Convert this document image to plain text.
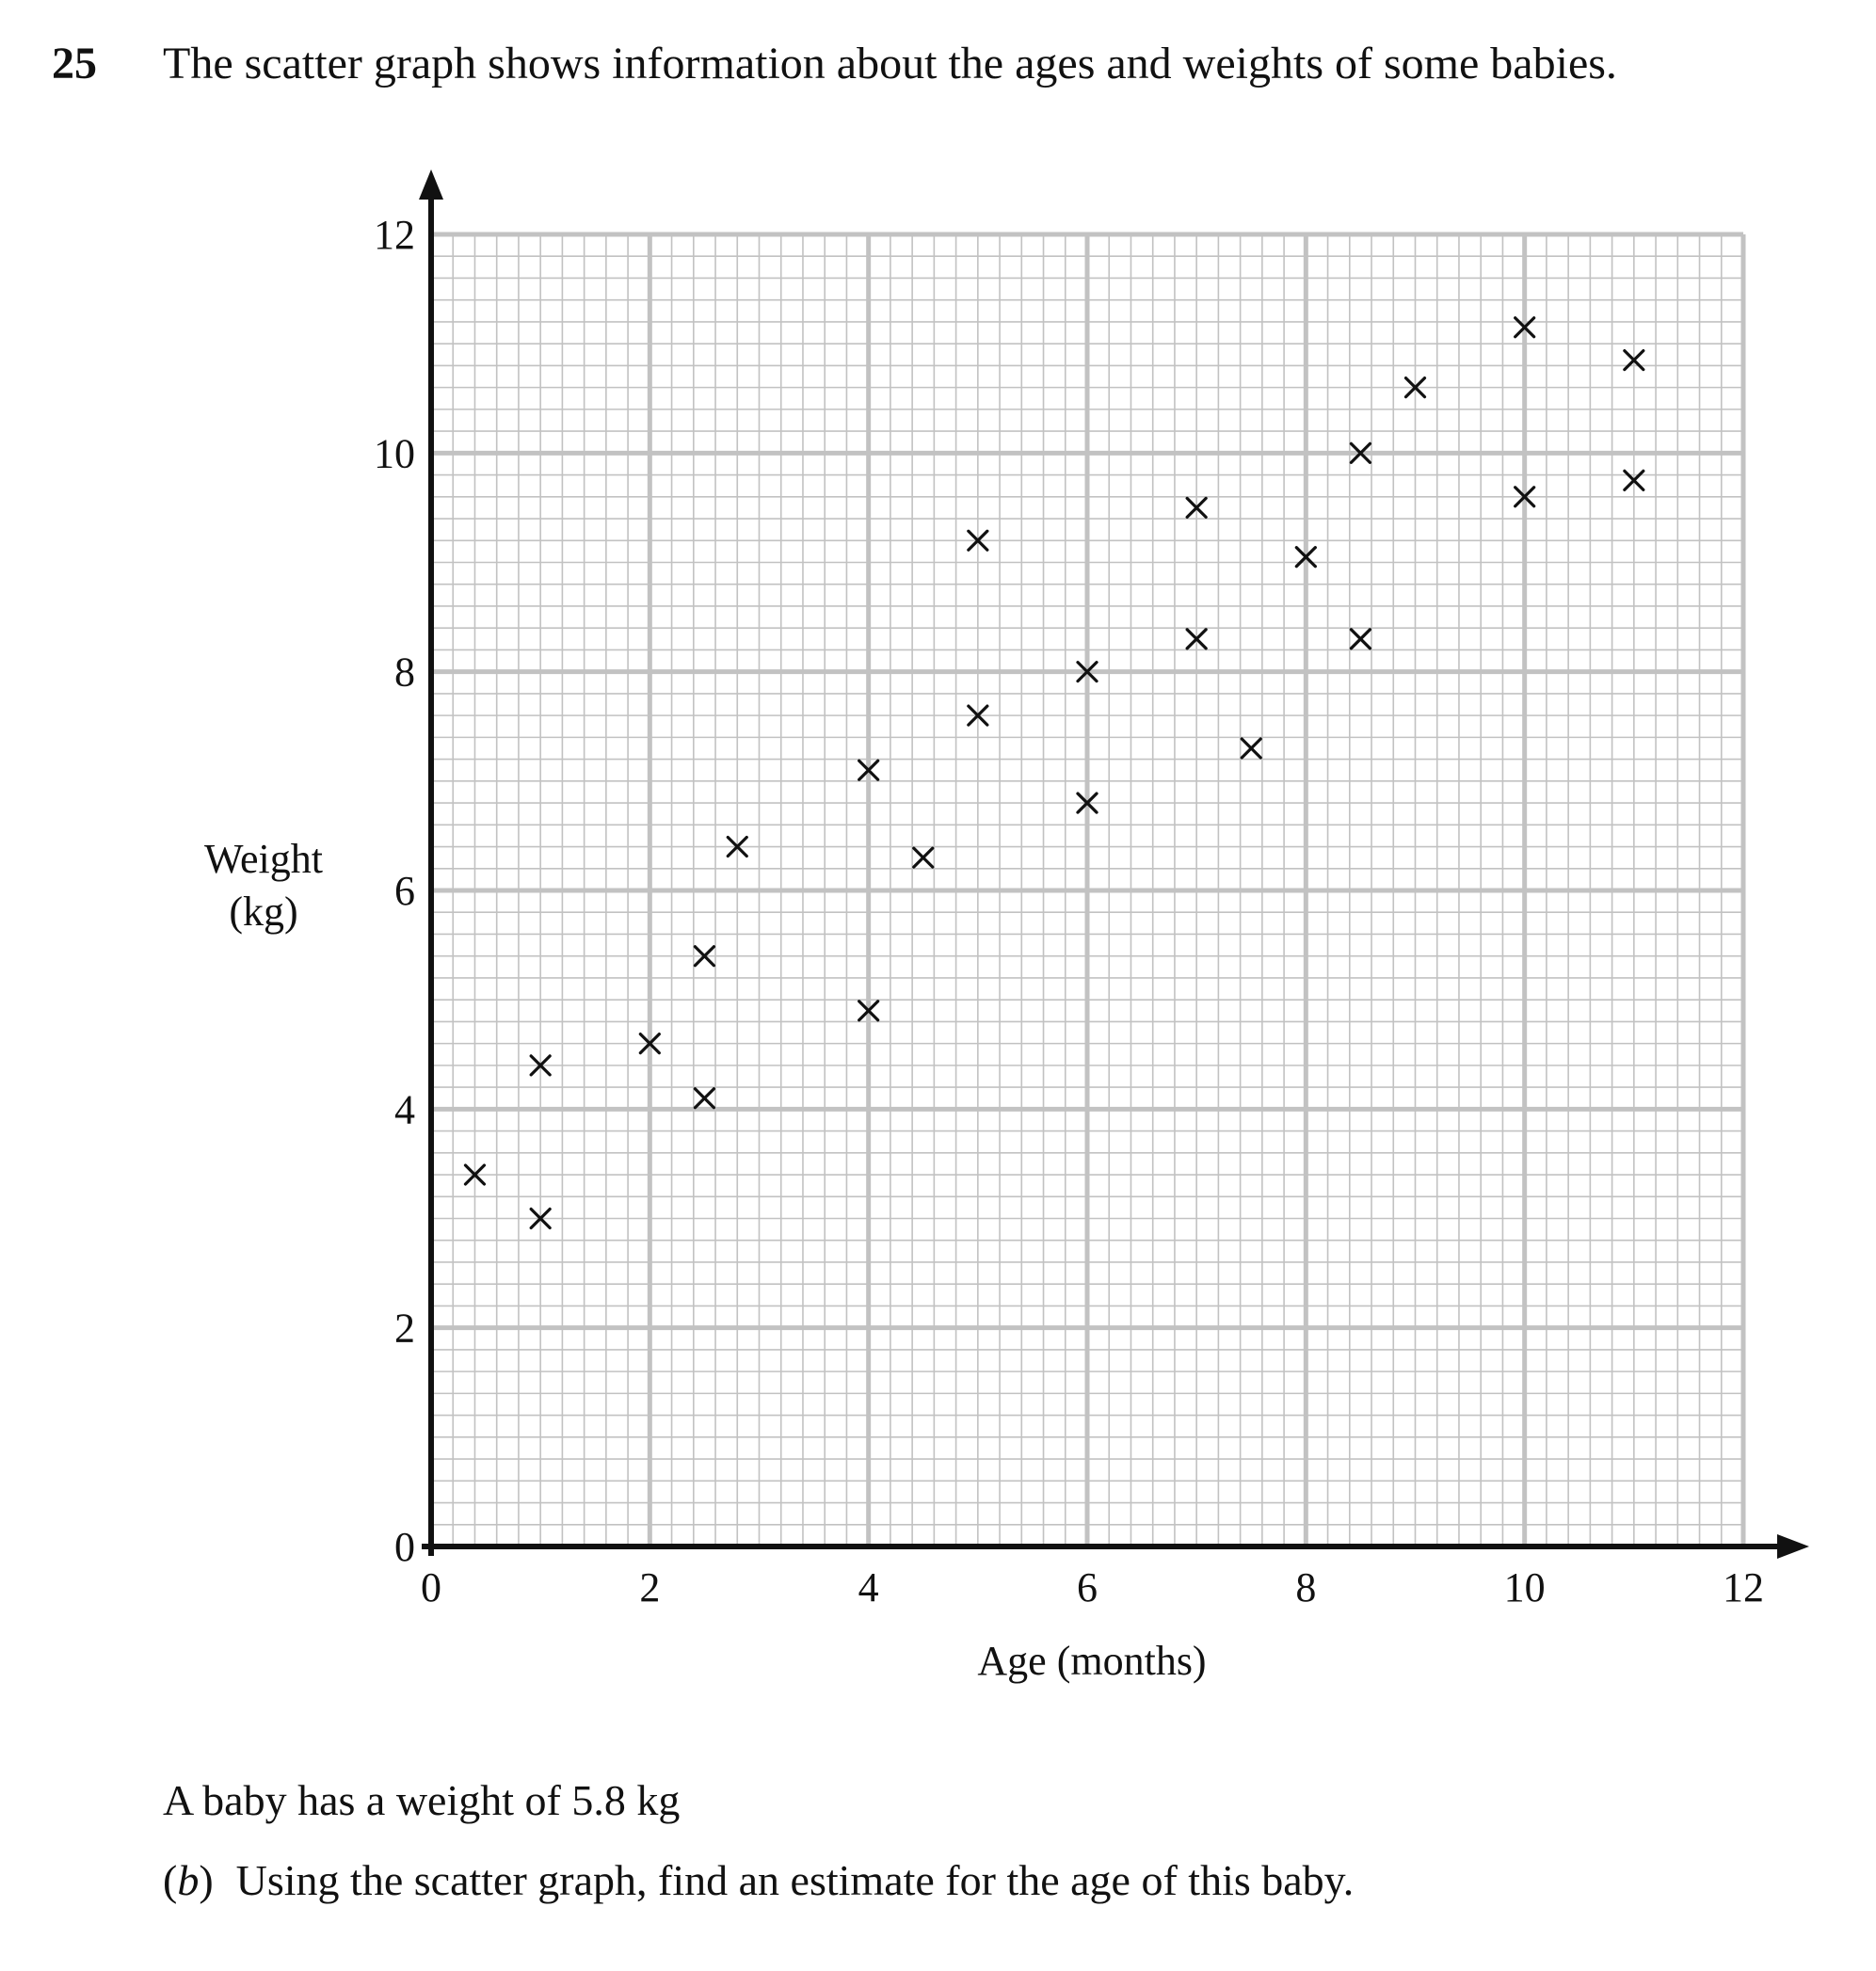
25 The scatter graph shows information about the ages and weights of some babies.
0	2	4	6	8	10	12
0
2
4
6
8
10
12
Weight
(kg)
Age (months)
A baby has a weight of 5.8 kg
(b) Using the scatter graph, find an estimate for the age of this baby.
